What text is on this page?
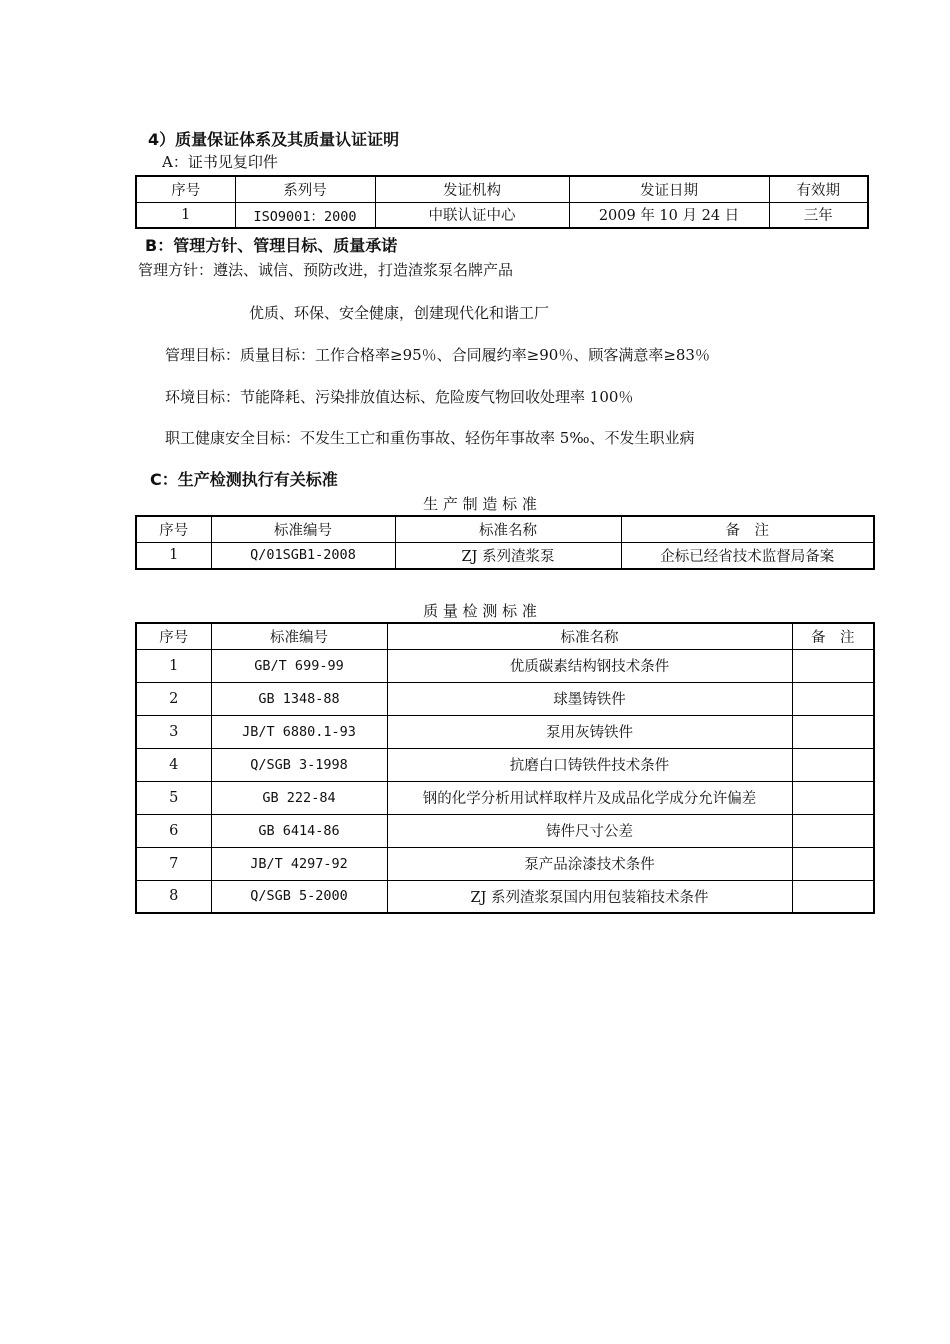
4）质量保证体系及其质量认证证明
A：证书见复印件
序号	系列号	发证机构	发证日期	有效期
1	ISO9001：2000	中联认证中心	2009 年 10 月 24 日	三年
B：管理方针、管理目标、质量承诺
管理方针：遵法、诚信、预防改进，打造渣浆泵名牌产品
优质、环保、安全健康，创建现代化和谐工厂
管理目标：质量目标：工作合格率≥95％、合同履约率≥90％、顾客满意率≥83％
环境目标：节能降耗、污染排放值达标、危险废气物回收处理率 100％
职工健康安全目标：不发生工亡和重伤事故、轻伤年事故率 5‰、不发生职业病
C：生产检测执行有关标准
生 产 制 造 标 准
序号	标准编号	标准名称	备　注
1	Q/01SGB1-2008	ZJ 系列渣浆泵	企标已经省技术监督局备案
质 量 检 测 标 准
序号	标准编号	标准名称	备　注
1	GB/T 699-99	优质碳素结构钢技术条件	
2	GB 1348-88	球墨铸铁件	
3	JB/T 6880.1-93	泵用灰铸铁件	
4	Q/SGB 3-1998	抗磨白口铸铁件技术条件	
5	GB 222-84	钢的化学分析用试样取样片及成品化学成分允许偏差	
6	GB 6414-86	铸件尺寸公差	
7	JB/T 4297-92	泵产品涂漆技术条件	
8	Q/SGB 5-2000	ZJ 系列渣浆泵国内用包装箱技术条件	
